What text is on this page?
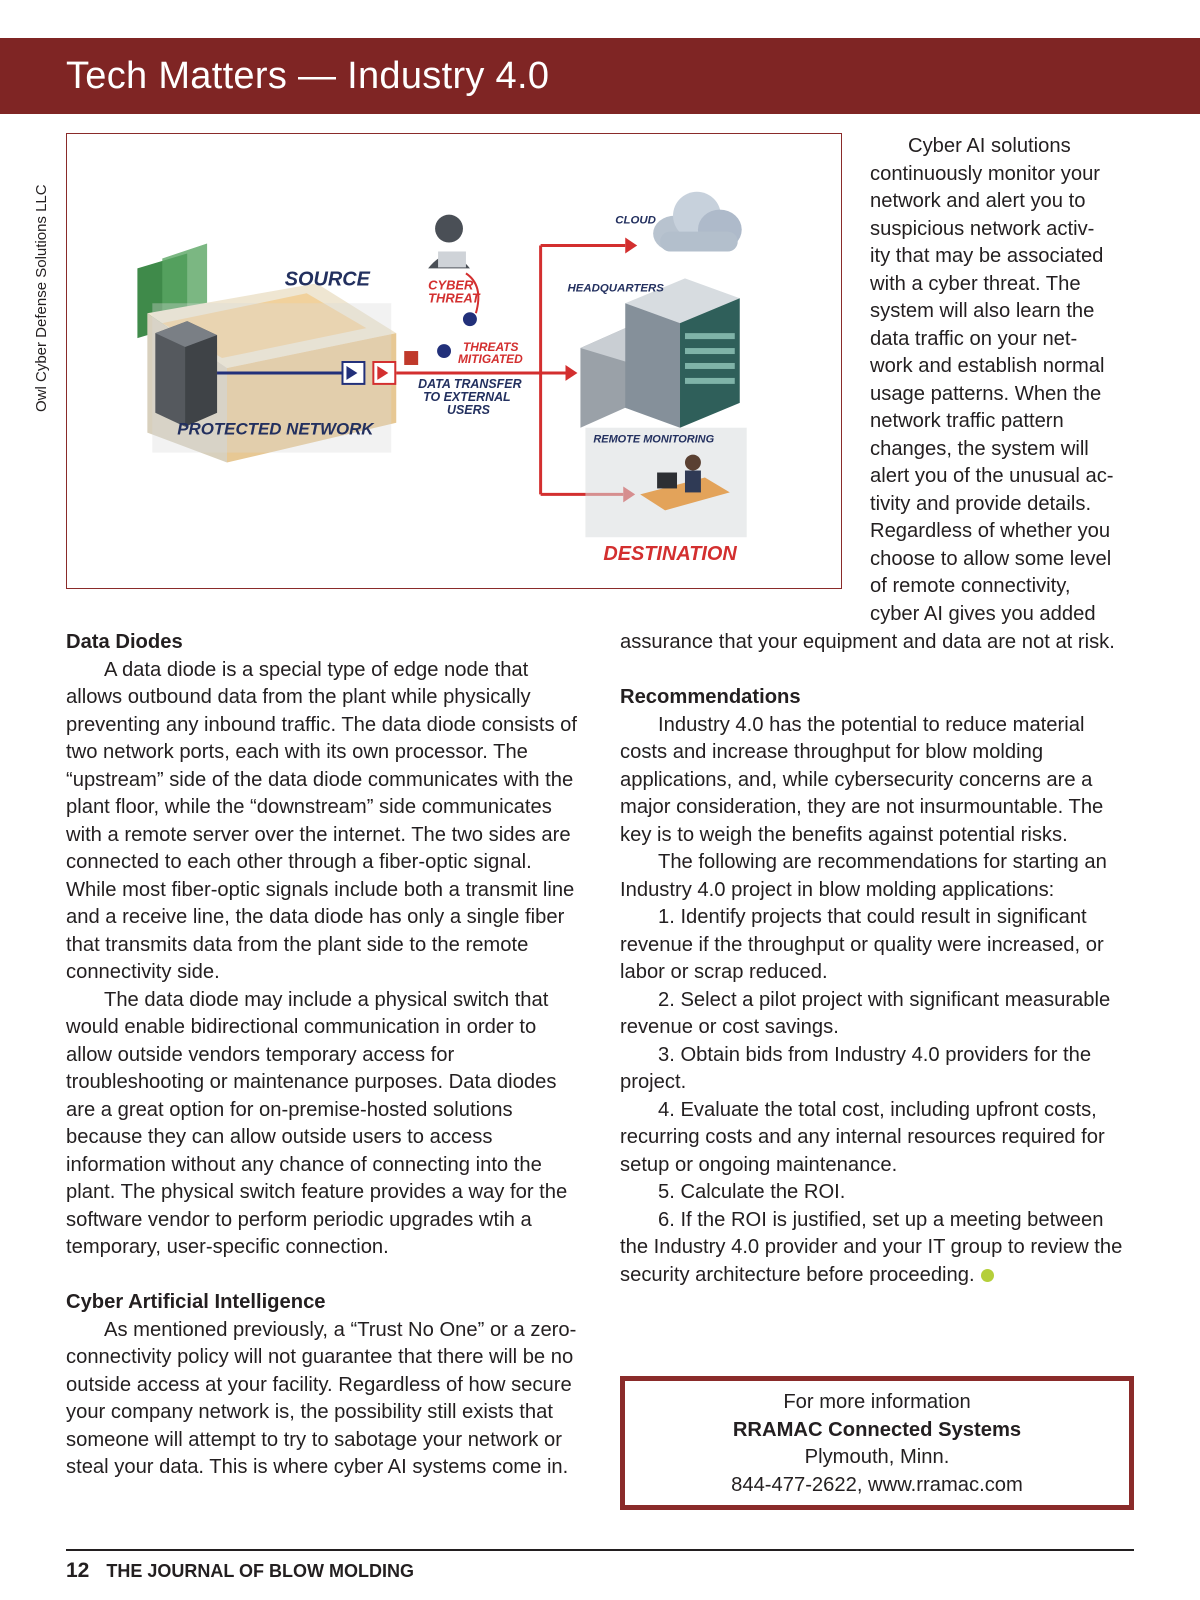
Tech Matters — Industry 4.0
Owl Cyber Defense Solutions LLC	SOURCE
PROTECTED NETWORK
CYBER
THREAT
THREATS
MITIGATED
DATA TRANSFER
TO EXTERNAL
USERS
CLOUD
HEADQUARTERS
REMOTE MONITORING
DESTINATION

Cyber AI solutions

continuously monitor your

network and alert you to

suspicious network activ-

ity that may be associated

with a cyber threat. The

system will also learn the

data traffic on your net-

work and establish normal

usage patterns. When the

network traffic pattern

changes, the system will

alert you of the unusual ac-

tivity and provide details.

Regardless of whether you

choose to allow some level

of remote connectivity,

cyber AI gives you added

Data Diodes

A data diode is a special type of edge node that allows outbound data from the plant while physically preventing any inbound traffic. The data diode consists of two network ports, each with its own processor. The “upstream” side of the data diode communicates with the plant floor, while the “downstream” side communicates with a remote server over the internet. The two sides are connected to each other through a fiber-optic signal. While most fiber-optic signals include both a transmit line and a receive line, the data diode has only a single fiber that transmits data from the plant side to the remote connectivity side.

The data diode may include a physical switch that would enable bidirectional communication in order to allow outside vendors temporary access for troubleshooting or maintenance purposes. Data diodes are a great option for on-premise-hosted solutions because they can allow outside users to access information without any chance of connecting into the plant. The physical switch feature provides a way for the software vendor to perform periodic upgrades wtih a temporary, user-specific connection.

Cyber Artificial Intelligence

As mentioned previously, a “Trust No One” or a zero-connectivity policy will not guarantee that there will be no outside access at your facility. Regardless of how secure your company network is, the possibility still exists that someone will attempt to try to sabotage your network or steal your data. This is where cyber AI systems come in.

assurance that your equipment and data are not at risk.

Recommendations

Industry 4.0 has the potential to reduce material costs and increase throughput for blow molding applications, and, while cybersecurity concerns are a major consideration, they are not insurmountable. The key is to weigh the benefits against potential risks.

The following are recommendations for starting an Industry 4.0 project in blow molding applications:

1. Identify projects that could result in significant revenue if the throughput or quality were increased, or labor or scrap reduced.

2. Select a pilot project with significant measurable revenue or cost savings.

3. Obtain bids from Industry 4.0 providers for the project.

4. Evaluate the total cost, including upfront costs, recurring costs and any internal resources required for setup or ongoing maintenance.

5. Calculate the ROI.

6. If the ROI is justified, set up a meeting between the Industry 4.0 provider and your IT group to review the security architecture before proceeding.

For more information
RRAMAC Connected Systems
Plymouth, Minn.
844-477-2622, www.rramac.com
12 THE JOURNAL OF BLOW MOLDING
